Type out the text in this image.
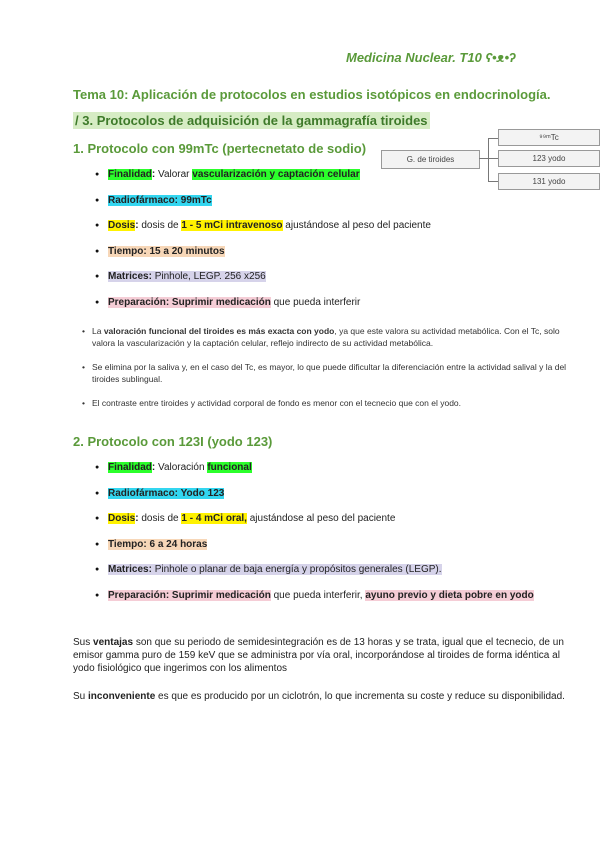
Medicina Nuclear. T10 ʕ•ᴥ•ʔ
Tema 10: Aplicación de protocolos en estudios isotópicos en endocrinología.
/ 3. Protocolos de adquisición de la gammagrafía tiroides
G. de tiroides
⁹⁹ᵐTc
123 yodo
131 yodo
1. Protocolo con 99mTc (pertecnetato de sodio)
● Finalidad: Valorar vascularización y captación celular
● Radiofármaco: 99mTc
● Dosis: dosis de 1 - 5 mCi intravenoso ajustándose al peso del paciente
● Tiempo: 15 a 20 minutos
● Matrices: Pinhole, LEGP. 256 x256
● Preparación: Suprimir medicación que pueda interferir
• La valoración funcional del tiroides es más exacta con yodo, ya que este valora su actividad metabólica. Con el Tc, solo valora la vascularización y la captación celular, reflejo indirecto de su actividad metabólica.
• Se elimina por la saliva y, en el caso del Tc, es mayor, lo que puede dificultar la diferenciación entre la actividad salival y la del tiroides sublingual.
• El contraste entre tiroides y actividad corporal de fondo es menor con el tecnecio que con el yodo.
2. Protocolo con 123I (yodo 123)
● Finalidad: Valoración funcional
● Radiofármaco: Yodo 123
● Dosis: dosis de 1 - 4 mCi oral, ajustándose al peso del paciente
● Tiempo: 6 a 24 horas
● Matrices: Pinhole o planar de baja energía y propósitos generales (LEGP).
● Preparación: Suprimir medicación que pueda interferir, ayuno previo y dieta pobre en yodo
Sus ventajas son que su periodo de semidesintegración es de 13 horas y se trata, igual que el tecnecio, de un emisor gamma puro de 159 keV que se administra por vía oral, incorporándose al tiroides de forma idéntica al yodo fisiológico que ingerimos con los alimentos
Su inconveniente es que es producido por un ciclotrón, lo que incrementa su coste y reduce su disponibilidad.
